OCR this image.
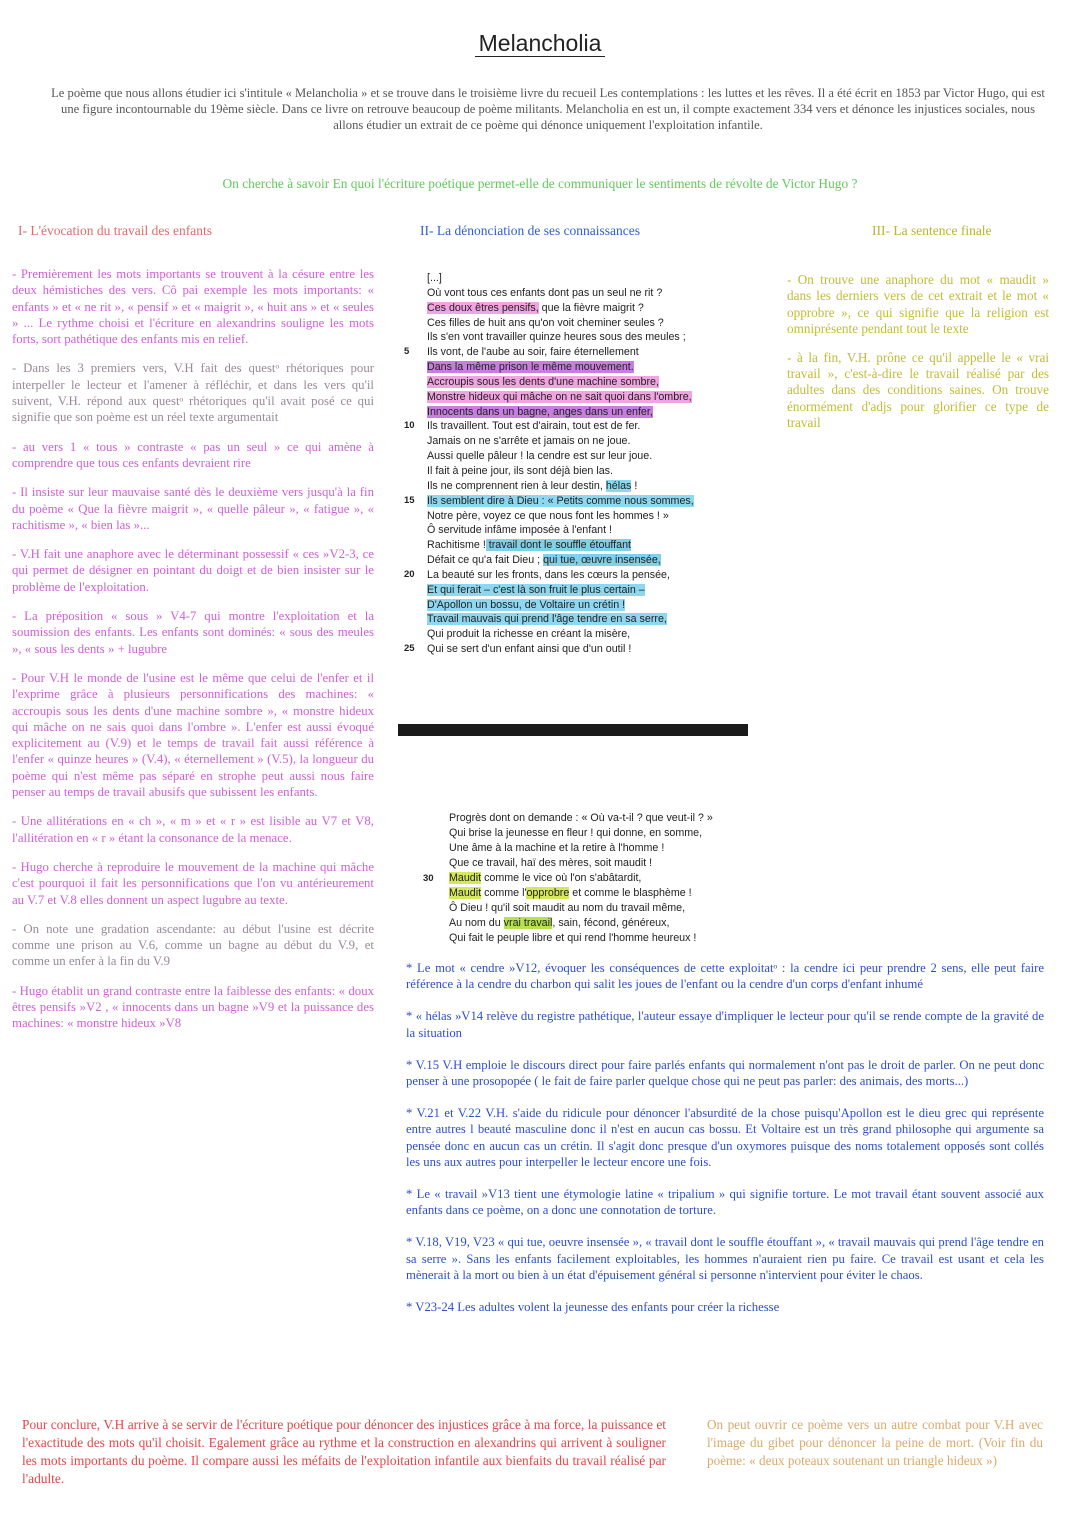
Melancholia
Le poème que nous allons étudier ici s'intitule « Melancholia » et se trouve dans le troisième livre du recueil Les contemplations : les luttes et les rêves. Il a été écrit en 1853 par Victor Hugo, qui est une figure incontournable du 19ème siècle. Dans ce livre on retrouve beaucoup de poème militants. Melancholia en est un, il compte exactement 334 vers et dénonce les injustices sociales, nous allons étudier un extrait de ce poème qui dénonce uniquement l'exploitation infantile.
On cherche à savoir En quoi l'écriture poétique permet-elle de communiquer le sentiments de révolte de Victor Hugo ?
I- L'évocation du travail des enfants	II- La dénonciation de ses connaissances	III- La sentence finale
- Premièrement les mots importants se trouvent à la césure entre les deux hémistiches des vers. Cô pai exemple les mots importants: « enfants » et « ne rit », « pensif » et « maigrit », « huit ans » et « seules » ... Le rythme choisi et l'écriture en alexandrins souligne les mots forts, sort pathétique des enfants mis en relief.
- Dans les 3 premiers vers, V.H fait des questᵒ rhétoriques pour interpeller le lecteur et l'amener à réfléchir, et dans les vers qu'il suivent, V.H. répond aux questᵒ rhétoriques qu'il avait posé ce qui signifie que son poème est un réel texte argumentait
- au vers 1 « tous » contraste « pas un seul » ce qui amène à comprendre que tous ces enfants devraient rire
- Il insiste sur leur mauvaise santé dès le deuxième vers jusqu'à la fin du poème « Que la fièvre maigrit », « quelle pâleur », « fatigue », « rachitisme », « bien las »...
- V.H fait une anaphore avec le déterminant possessif « ces »V2-3, ce qui permet de désigner en pointant du doigt et de bien insister sur le problème de l'exploitation.
- La préposition « sous » V4-7 qui montre l'exploitation et la soumission des enfants. Les enfants sont dominés: « sous des meules », « sous les dents » + lugubre
- Pour V.H le monde de l'usine est le même que celui de l'enfer et il l'exprime grâce à plusieurs personnifications des machines: « accroupis sous les dents d'une machine sombre », « monstre hideux qui mâche on ne sais quoi dans l'ombre ». L'enfer est aussi évoqué explicitement au (V.9) et le temps de travail fait aussi référence à l'enfer « quinze heures » (V.4), « éternellement » (V.5), la longueur du poème qui n'est même pas séparé en strophe peut aussi nous faire penser au temps de travail abusifs que subissent les enfants.
- Une allitérations en « ch », « m » et « r » est lisible au V7 et V8, l'allitération en « r » étant la consonance de la menace.
- Hugo cherche à reproduire le mouvement de la machine qui mâche c'est pourquoi il fait les personnifications que l'on vu antérieurement au V.7 et V.8 elles donnent un aspect lugubre au texte.
- On note une gradation ascendante: au début l'usine est décrite comme une prison au V.6, comme un bagne au début du V.9, et comme un enfer à la fin du V.9
- Hugo établit un grand contraste entre la faiblesse des enfants: « doux êtres pensifs »V2 , « innocents dans un bagne »V9 et la puissance des machines: « monstre hideux »V8
[...]
Où vont tous ces enfants dont pas un seul ne rit ?
Ces doux êtres pensifs, que la fièvre maigrit ?
Ces filles de huit ans qu'on voit cheminer seules ?
Ils s'en vont travailler quinze heures sous des meules ;
5 Ils vont, de l'aube au soir, faire éternellement
Dans la même prison le même mouvement.
Accroupis sous les dents d'une machine sombre,
Monstre hideux qui mâche on ne sait quoi dans l'ombre,
Innocents dans un bagne, anges dans un enfer,
10 Ils travaillent. Tout est d'airain, tout est de fer.
Jamais on ne s'arrête et jamais on ne joue.
Aussi quelle pâleur ! la cendre est sur leur joue.
Il fait à peine jour, ils sont déjà bien las.
Ils ne comprennent rien à leur destin, hélas !
15 Ils semblent dire à Dieu : « Petits comme nous sommes,
Notre père, voyez ce que nous font les hommes ! »
Ô servitude infâme imposée à l'enfant !
Rachitisme ! travail dont le souffle étouffant
Défait ce qu'a fait Dieu ; qui tue, œuvre insensée,
20 La beauté sur les fronts, dans les cœurs la pensée,
Et qui ferait – c'est là son fruit le plus certain –
D'Apollon un bossu, de Voltaire un crétin !
Travail mauvais qui prend l'âge tendre en sa serre,
Qui produit la richesse en créant la misère,
25 Qui se sert d'un enfant ainsi que d'un outil !
- On trouve une anaphore du mot « maudit » dans les derniers vers de cet extrait et le mot « opprobre », ce qui signifie que la religion est omniprésente pendant tout le texte
- à la fin, V.H. prône ce qu'il appelle le « vrai travail », c'est-à-dire le travail réalisé par des adultes dans des conditions saines. On trouve énormément d'adjs pour glorifier ce type de travail
Progrès dont on demande : « Où va-t-il ? que veut-il ? »
Qui brise la jeunesse en fleur ! qui donne, en somme,
Une âme à la machine et la retire à l'homme !
Que ce travail, haï des mères, soit maudit !
30 Maudit comme le vice où l'on s'abâtardit,
Maudit comme l'opprobre et comme le blasphème !
Ô Dieu ! qu'il soit maudit au nom du travail même,
Au nom du vrai travail, sain, fécond, généreux,
Qui fait le peuple libre et qui rend l'homme heureux !
* Le mot « cendre »V12, évoquer les conséquences de cette exploitatᵒ : la cendre ici peur prendre 2 sens, elle peut faire référence à la cendre du charbon qui salit les joues de l'enfant ou la cendre d'un corps d'enfant inhumé
* « hélas »V14 relève du registre pathétique, l'auteur essaye d'impliquer le lecteur pour qu'il se rende compte de la gravité de la situation
* V.15 V.H emploie le discours direct pour faire parlés enfants qui normalement n'ont pas le droit de parler. On ne peut donc penser à une prosopopée ( le fait de faire parler quelque chose qui ne peut pas parler: des animais, des morts...)
* V.21 et V.22 V.H. s'aide du ridicule pour dénoncer l'absurdité de la chose puisqu'Apollon est le dieu grec qui représente entre autres l beauté masculine donc il n'est en aucun cas bossu. Et Voltaire est un très grand philosophe qui argumente sa pensée donc en aucun cas un crétin. Il s'agit donc presque d'un oxymores puisque des noms totalement opposés sont collés les uns aux autres pour interpeller le lecteur encore une fois.
* Le « travail »V13 tient une étymologie latine « tripalium » qui signifie torture. Le mot travail étant souvent associé aux enfants dans ce poème, on a donc une connotation de torture.
* V.18, V19, V23 « qui tue, oeuvre insensée », « travail dont le souffle étouffant », « travail mauvais qui prend l'âge tendre en sa serre ». Sans les enfants facilement exploitables, les hommes n'auraient rien pu faire. Ce travail est usant et cela les mènerait à la mort ou bien à un état d'épuisement général si personne n'intervient pour éviter le chaos.
* V23-24 Les adultes volent la jeunesse des enfants pour créer la richesse
Pour conclure, V.H arrive à se servir de l'écriture poétique pour dénoncer des injustices grâce à ma force, la puissance et l'exactitude des mots qu'il choisit. Egalement grâce au rythme et la construction en alexandrins qui arrivent à souligner les mots importants du poème. Il compare aussi les méfaits de l'exploitation infantile aux bienfaits du travail réalisé par l'adulte.
On peut ouvrir ce poème vers un autre combat pour V.H avec l'image du gibet pour dénoncer la peine de mort. (Voir fin du poème: « deux poteaux soutenant un triangle hideux »)
